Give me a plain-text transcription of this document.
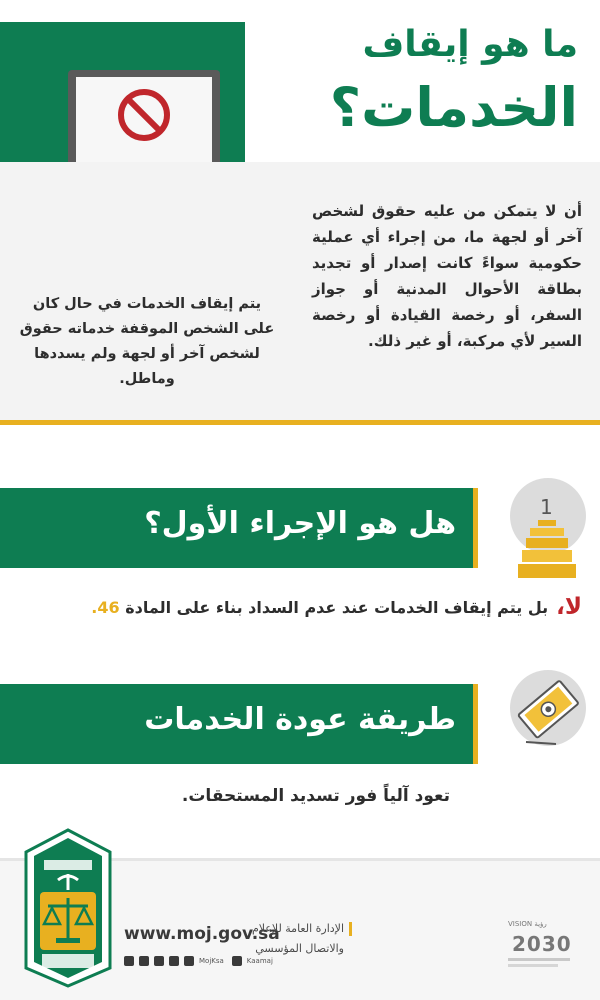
ما هو إيقاف
الخدمات؟
أن لا يتمكن من عليه حقوق لشخص آخر أو لجهة ما، من إجراء أي عملية حكومية سواءً كانت إصدار أو تجديد بطاقة الأحوال المدنية أو جواز السفر، أو رخصة القيادة أو رخصة السير لأي مركبة، أو غير ذلك.
يتم إيقاف الخدمات في حال كان على الشخص الموقفة خدماته حقوق لشخص آخر أو لجهة ولم يسددها وماطل.
هل هو الإجراء الأول؟	1
لا،بل يتم إيقاف الخدمات عند عدم السداد بناء على المادة 46.
طريقة عودة الخدمات
تعود آلياً فور تسديد المستحقات.
www.moj.gov.sa
MojKsa	Kaamaj
الإدارة العامة للإعلام
والاتصال المؤسسي
VISION رؤية
2030
